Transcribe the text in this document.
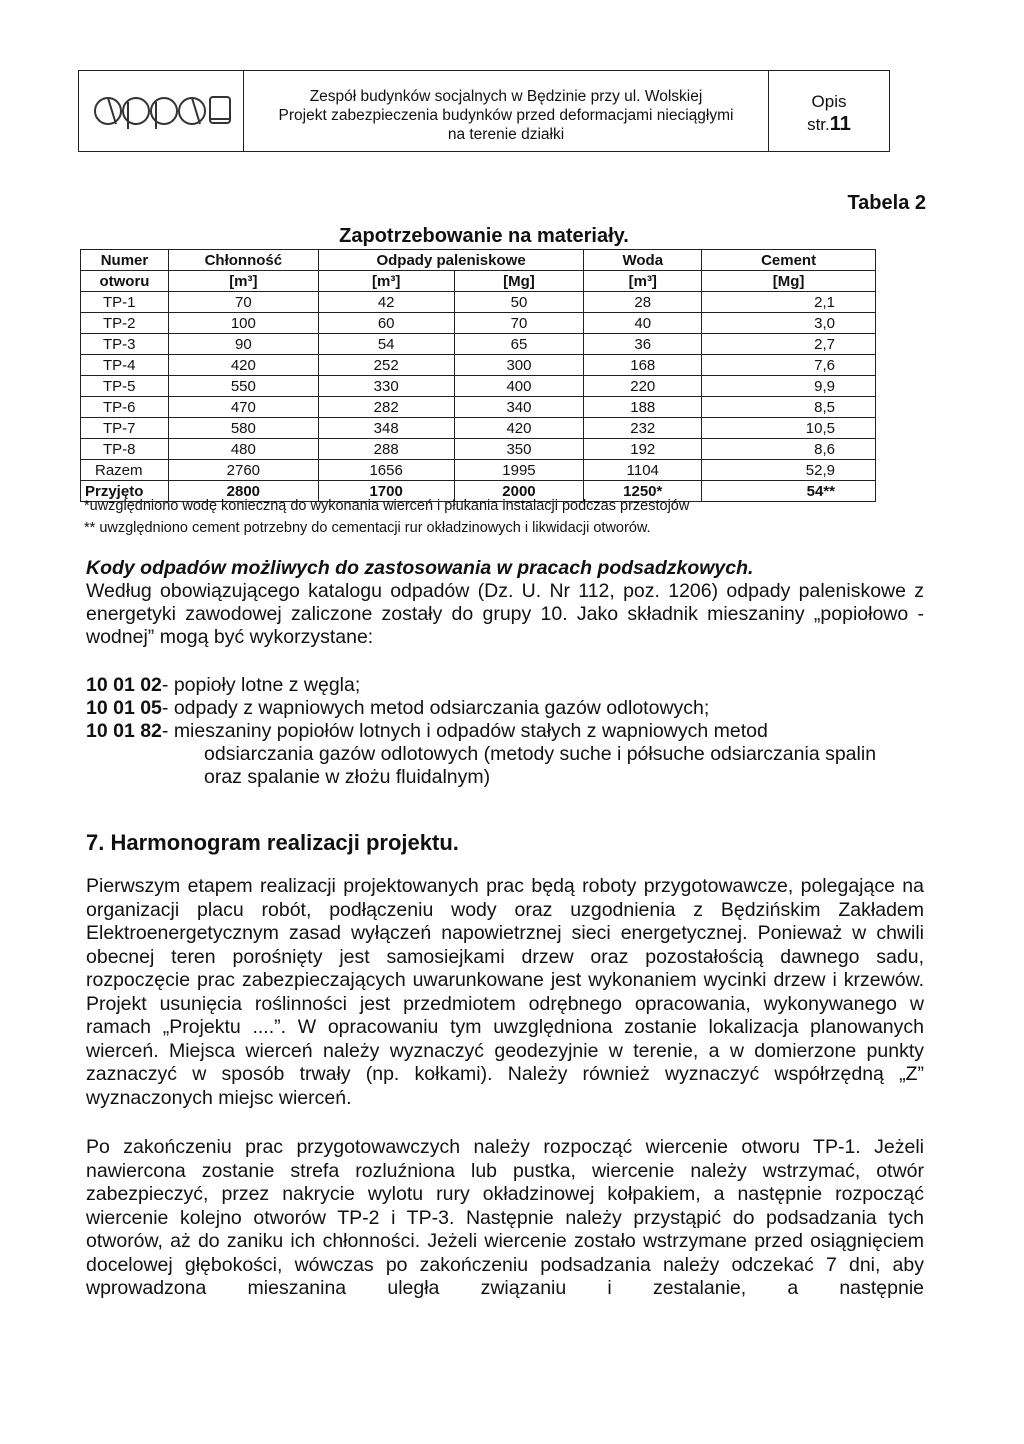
Zespół budynków socjalnych w Będzinie przy ul. Wolskiej
Projekt zabezpieczenia budynków przed deformacjami nieciągłymi
na terenie działki
Opis
str.11
Tabela 2
Zapotrzebowanie na materiały.
Numer	Chłonność	Odpady paleniskowe		Woda	Cement
otworu	[m³]	[m³]	[Mg]	[m³]	[Mg]
TP-1	70	42	50	28	2,1
TP-2	100	60	70	40	3,0
TP-3	90	54	65	36	2,7
TP-4	420	252	300	168	7,6
TP-5	550	330	400	220	9,9
TP-6	470	282	340	188	8,5
TP-7	580	348	420	232	10,5
TP-8	480	288	350	192	8,6
Razem	2760	1656	1995	1104	52,9
Przyjęto	2800	1700	2000	1250*	54**
*uwzględniono wodę konieczną do wykonania wierceń i płukania instalacji podczas przestojów
** uwzględniono cement potrzebny do cementacji rur okładzinowych i likwidacji otworów.
Kody odpadów możliwych do zastosowania w pracach podsadzkowych.
Według obowiązującego katalogu odpadów (Dz. U. Nr 112, poz. 1206) odpady paleniskowe z energetyki zawodowej zaliczone zostały do grupy 10. Jako składnik mieszaniny „popiołowo - wodnej” mogą być wykorzystane:
10 01 02 - popioły lotne z węgla;
10 01 05 - odpady z wapniowych metod odsiarczania gazów odlotowych;
10 01 82 - mieszaniny popiołów lotnych i odpadów stałych z wapniowych metod
odsiarczania gazów odlotowych (metody suche i półsuche odsiarczania spalin
oraz spalanie w złożu fluidalnym)
7. Harmonogram realizacji projektu.
Pierwszym etapem realizacji projektowanych prac będą roboty przygotowawcze, polegające na organizacji placu robót, podłączeniu wody oraz uzgodnienia z Będzińskim Zakładem Elektroenergetycznym zasad wyłączeń napowietrznej sieci energetycznej. Ponieważ w chwili obecnej teren porośnięty jest samosiejkami drzew oraz pozostałością dawnego sadu, rozpoczęcie prac zabezpieczających uwarunkowane jest wykonaniem wycinki drzew i krzewów. Projekt usunięcia roślinności jest przedmiotem odrębnego opracowania, wykonywanego w ramach „Projektu ....”. W opracowaniu tym uwzględniona zostanie lokalizacja planowanych wierceń. Miejsca wierceń należy wyznaczyć geodezyjnie w terenie, a w domierzone punkty zaznaczyć w sposób trwały (np. kołkami). Należy również wyznaczyć współrzędną „Z” wyznaczonych miejsc wierceń.
Po zakończeniu prac przygotowawczych należy rozpocząć wiercenie otworu TP-1. Jeżeli nawiercona zostanie strefa rozluźniona lub pustka, wiercenie należy wstrzymać, otwór zabezpieczyć, przez nakrycie wylotu rury okładzinowej kołpakiem, a następnie rozpocząć wiercenie kolejno otworów TP-2 i TP-3. Następnie należy przystąpić do podsadzania tych otworów, aż do zaniku ich chłonności. Jeżeli wiercenie zostało wstrzymane przed osiągnięciem docelowej głębokości, wówczas po zakończeniu podsadzania należy odczekać 7 dni, aby wprowadzona mieszanina uległa związaniu i zestalanie, a następnie
